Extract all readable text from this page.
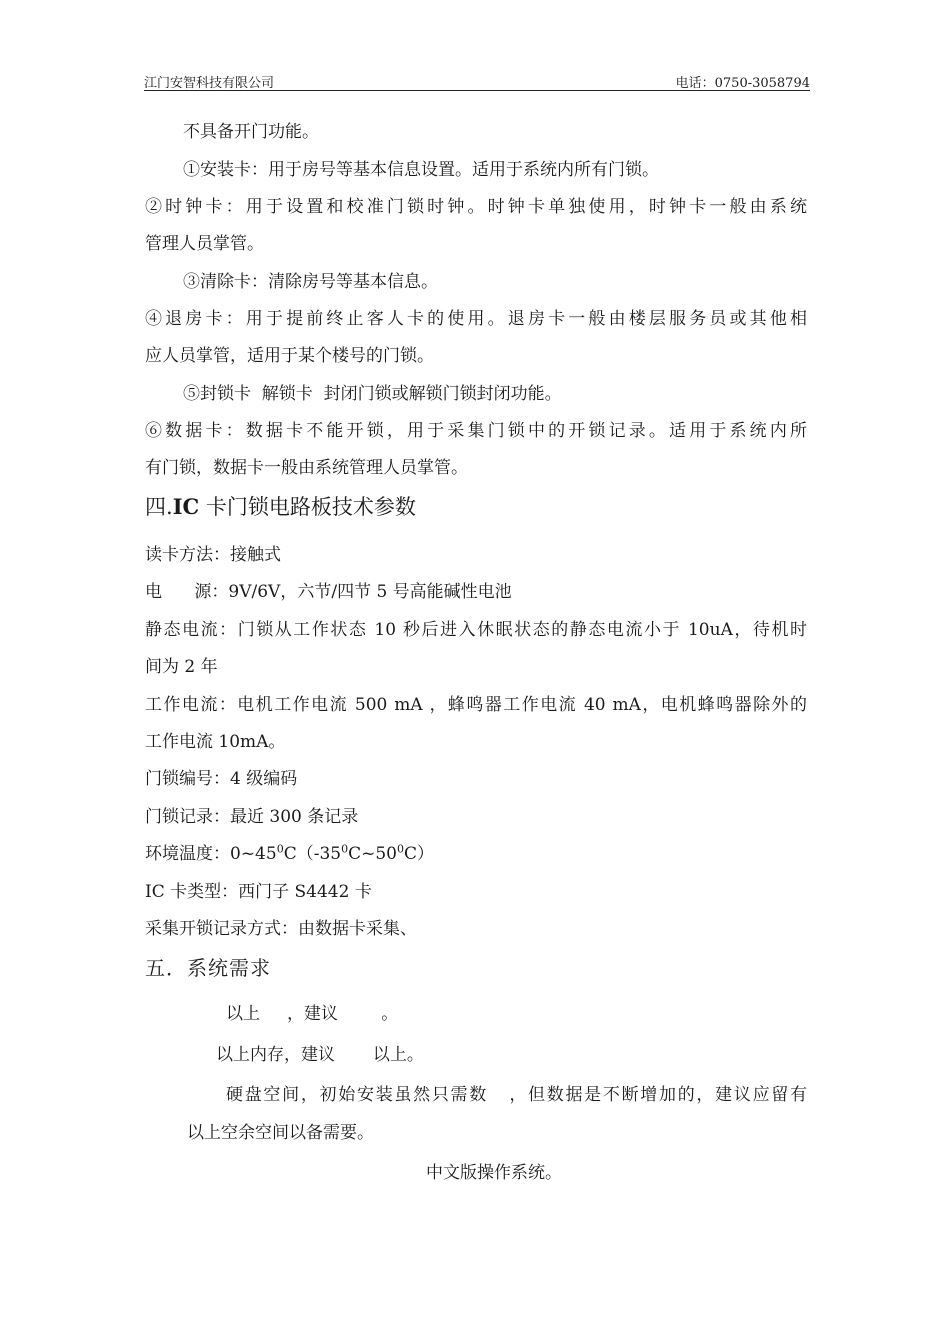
江门安智科技有限公司	电话：0750-3058794
不具备开门功能。
①安装卡：用于房号等基本信息设置。适用于系统内所有门锁。
②时钟卡：用于设置和校准门锁时钟。时钟卡单独使用，时钟卡一般由系统
管理人员掌管。
③清除卡：清除房号等基本信息。
④退房卡：用于提前终止客人卡的使用。退房卡一般由楼层服务员或其他相
应人员掌管，适用于某个楼号的门锁。
⑤封锁卡  解锁卡  封闭门锁或解锁门锁封闭功能。
⑥数据卡：数据卡不能开锁，用于采集门锁中的开锁记录。适用于系统内所
有门锁，数据卡一般由系统管理人员掌管。
四.IC 卡门锁电路板技术参数
读卡方法：接触式
电      源：9V/6V，六节/四节 5 号高能碱性电池
静态电流：门锁从工作状态 10 秒后进入休眠状态的静态电流小于 10uA，待机时
间为 2 年
工作电流：电机工作电流 500 mA ，蜂鸣器工作电流 40 mA，电机蜂鸣器除外的
工作电流 10mA。
门锁编号：4 级编码
门锁记录：最近 300 条记录
环境温度：$0\sim 45^0C(-35^0C\sim 50^0C)$
IC 卡类型：西门子 S4442 卡
采集开锁记录方式：由数据卡采集、
五．系统需求
以上     ，建议        。
以上内存，建议       以上。
硬盘空间，初始安装虽然只需数   ，但数据是不断增加的，建议应留有
以上空余空间以备需要。
中文版操作系统。
